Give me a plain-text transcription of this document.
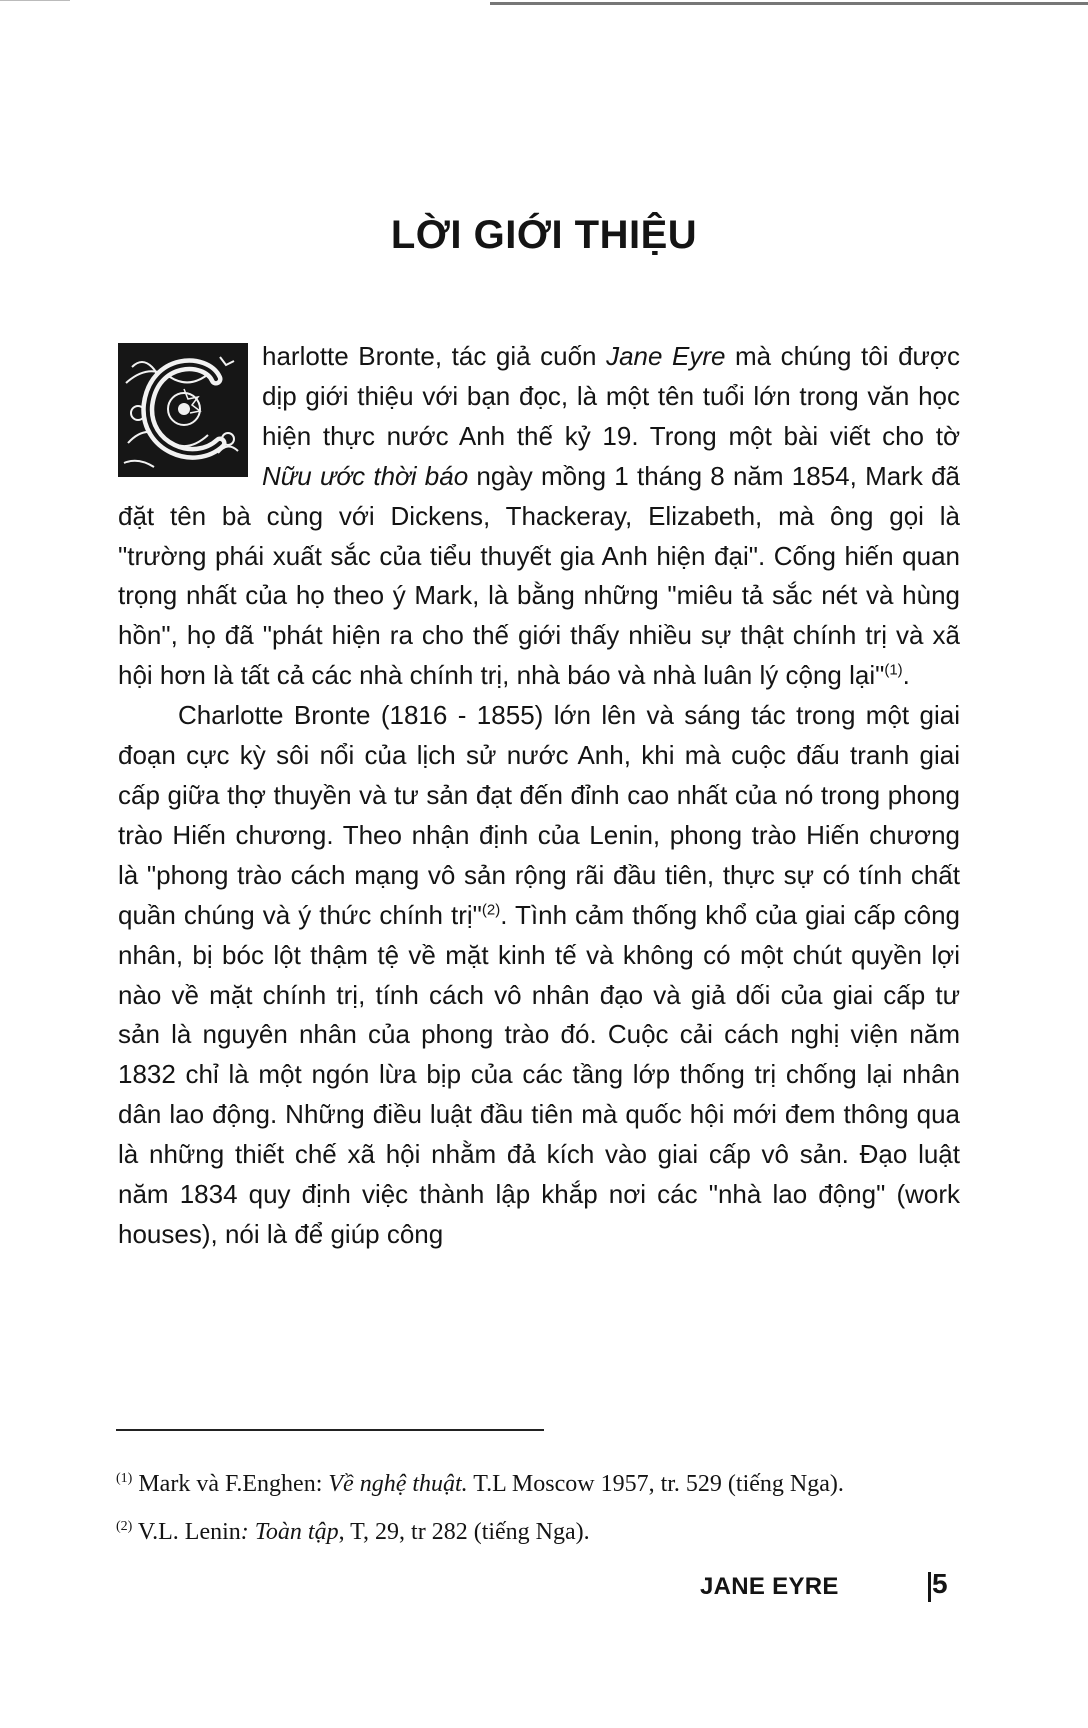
LỜI GIỚI THIỆU

harlotte Bronte, tác giả cuốn Jane Eyre mà chúng tôi được dịp giới thiệu với bạn đọc, là một tên tuổi lớn trong văn học hiện thực nước Anh thế kỷ 19. Trong một bài viết cho tờ Nữu ước thời báo ngày mồng 1 tháng 8 năm 1854, Mark đã đặt tên bà cùng với Dickens, Thackeray, Elizabeth, mà ông gọi là "trường phái xuất sắc của tiểu thuyết gia Anh hiện đại". Cống hiến quan trọng nhất của họ theo ý Mark, là bằng những "miêu tả sắc nét và hùng hồn", họ đã "phát hiện ra cho thế giới thấy nhiều sự thật chính trị và xã hội hơn là tất cả các nhà chính trị, nhà báo và nhà luân lý cộng lại"$^{(1)}$.

Charlotte Bronte (1816 - 1855) lớn lên và sáng tác trong một giai đoạn cực kỳ sôi nổi của lịch sử nước Anh, khi mà cuộc đấu tranh giai cấp giữa thợ thuyền và tư sản đạt đến đỉnh cao nhất của nó trong phong trào Hiến chương. Theo nhận định của Lenin, phong trào Hiến chương là "phong trào cách mạng vô sản rộng rãi đầu tiên, thực sự có tính chất quần chúng và ý thức chính trị"$^{(2)}$. Tình cảm thống khổ của giai cấp công nhân, bị bóc lột thậm tệ về mặt kinh tế và không có một chút quyền lợi nào về mặt chính trị, tính cách vô nhân đạo và giả dối của giai cấp tư sản là nguyên nhân của phong trào đó. Cuộc cải cách nghị viện năm 1832 chỉ là một ngón lừa bịp của các tầng lớp thống trị chống lại nhân dân lao động. Những điều luật đầu tiên mà quốc hội mới đem thông qua là những thiết chế xã hội nhằm đả kích vào giai cấp vô sản. Đạo luật năm 1834 quy định việc thành lập khắp nơi các "nhà lao động" (work houses), nói là để giúp công

$^{(1)}$ Mark và F.Enghen: Về nghệ thuật. T.L Moscow 1957, tr. 529 (tiếng Nga).
$^{(2)}$ V.L. Lenin: Toàn tập, T, 29, tr 282 (tiếng Nga).
JANE EYRE	5
